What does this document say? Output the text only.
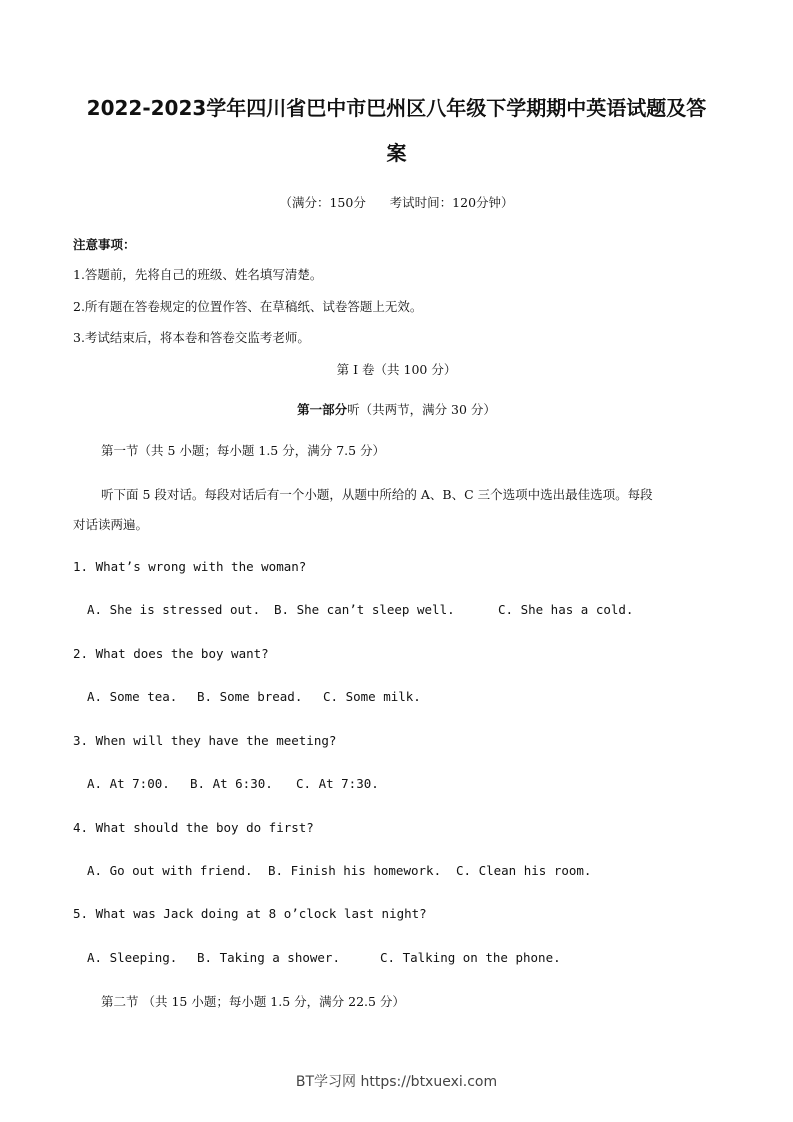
2022-2023学年四川省巴中市巴州区八年级下学期期中英语试题及答
案
（满分：150分      考试时间：120分钟）
注意事项：
1.答题前，先将自己的班级、姓名填写清楚。
2.所有题在答卷规定的位置作答、在草稿纸、试卷答题上无效。
3.考试结束后，将本卷和答卷交监考老师。
第 I 卷（共 100 分）
第一部分听（共两节，满分 30 分）
第一节（共 5 小题；每小题 1.5 分，满分 7.5 分）
听下面 5 段对话。每段对话后有一个小题，从题中所给的 A、B、C 三个选项中选出最佳选项。每段
对话读两遍。
1. What’s wrong with the woman?
A. She is stressed out. B. She can’t sleep well.	C. She has a cold.
2. What does the boy want?
A. Some tea. B. Some bread. C. Some milk.
3. When will they have the meeting?
A. At 7:00. B. At 6:30. C. At 7:30.
4. What should the boy do first?
A. Go out with friend. B. Finish his homework. C. Clean his room.
5. What was Jack doing at 8 o’clock last night?
A. Sleeping. B. Taking a shower.	C. Talking on the phone.
第二节 （共 15 小题；每小题 1.5 分，满分 22.5 分）
BT学习网 https://btxuexi.com
